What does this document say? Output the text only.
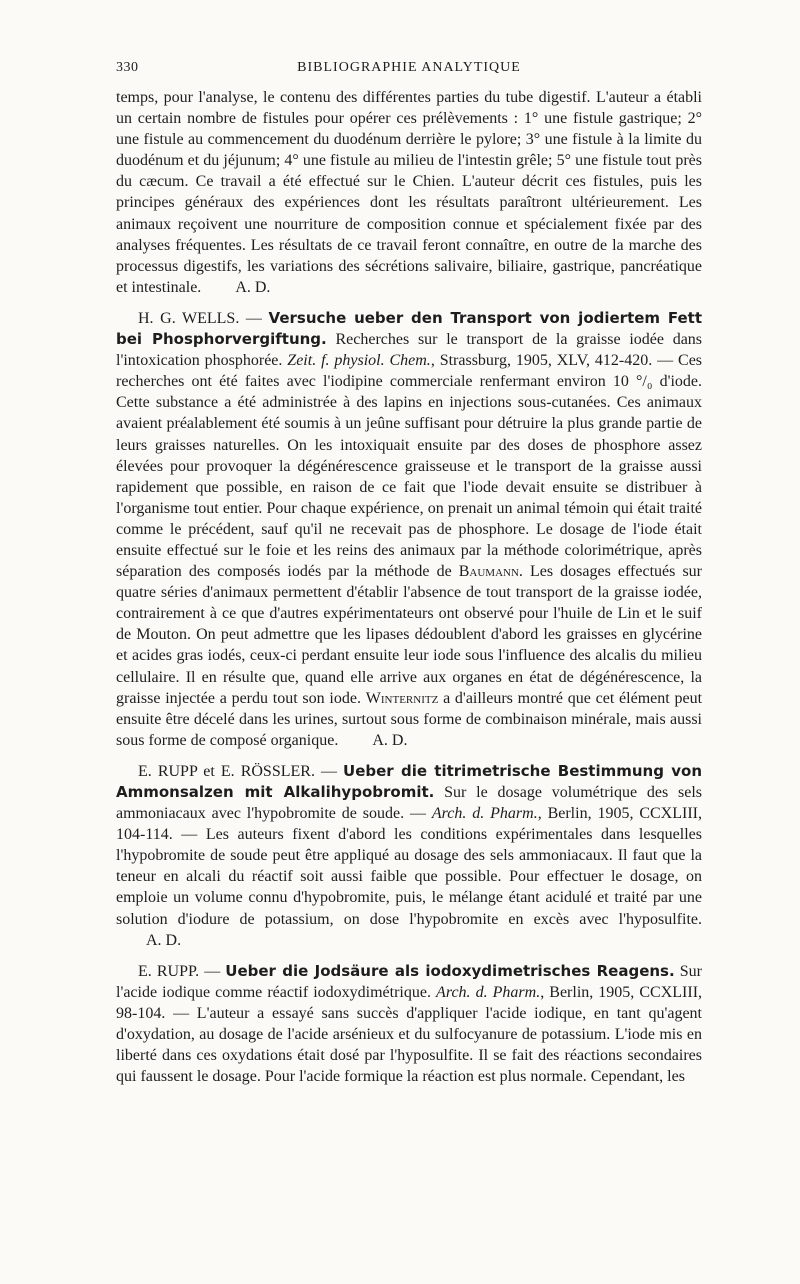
330	BIBLIOGRAPHIE ANALYTIQUE

temps, pour l'analyse, le contenu des différentes parties du tube digestif. L'auteur a établi un certain nombre de fistules pour opérer ces prélèvements : 1° une fistule gastrique; 2° une fistule au commencement du duodénum derrière le pylore; 3° une fistule à la limite du duodénum et du jéjunum; 4° une fistule au milieu de l'intestin grêle; 5° une fistule tout près du cæcum. Ce travail a été effectué sur le Chien. L'auteur décrit ces fistules, puis les principes généraux des expériences dont les résultats paraîtront ultérieurement. Les animaux reçoivent une nourriture de composition connue et spécialement fixée par des analyses fréquentes. Les résultats de ce travail feront connaître, en outre de la marche des processus digestifs, les variations des sécrétions salivaire, biliaire, gastrique, pancréatique et intestinale. A. D.

H. G. WELLS. — Versuche ueber den Transport von jodiertem Fett bei Phosphorvergiftung. Recherches sur le transport de la graisse iodée dans l'intoxication phosphorée. Zeit. f. physiol. Chem., Strassburg, 1905, XLV, 412-420. — Ces recherches ont été faites avec l'iodipine commerciale renfermant environ 10 °/₀ d'iode. Cette substance a été administrée à des lapins en injections sous-cutanées. Ces animaux avaient préalablement été soumis à un jeûne suffisant pour détruire la plus grande partie de leurs graisses naturelles. On les intoxiquait ensuite par des doses de phosphore assez élevées pour provoquer la dégénérescence graisseuse et le transport de la graisse aussi rapidement que possible, en raison de ce fait que l'iode devait ensuite se distribuer à l'organisme tout entier. Pour chaque expérience, on prenait un animal témoin qui était traité comme le précédent, sauf qu'il ne recevait pas de phosphore. Le dosage de l'iode était ensuite effectué sur le foie et les reins des animaux par la méthode colorimétrique, après séparation des composés iodés par la méthode de Baumann. Les dosages effectués sur quatre séries d'animaux permettent d'établir l'absence de tout transport de la graisse iodée, contrairement à ce que d'autres expérimentateurs ont observé pour l'huile de Lin et le suif de Mouton. On peut admettre que les lipases dédoublent d'abord les graisses en glycérine et acides gras iodés, ceux-ci perdant ensuite leur iode sous l'influence des alcalis du milieu cellulaire. Il en résulte que, quand elle arrive aux organes en état de dégénérescence, la graisse injectée a perdu tout son iode. Winternitz a d'ailleurs montré que cet élément peut ensuite être décelé dans les urines, surtout sous forme de combinaison minérale, mais aussi sous forme de composé organique. A. D.

E. RUPP et E. RÖSSLER. — Ueber die titrimetrische Bestimmung von Ammonsalzen mit Alkalihypobromit. Sur le dosage volumétrique des sels ammoniacaux avec l'hypobromite de soude. — Arch. d. Pharm., Berlin, 1905, CCXLIII, 104-114. — Les auteurs fixent d'abord les conditions expérimentales dans lesquelles l'hypobromite de soude peut être appliqué au dosage des sels ammoniacaux. Il faut que la teneur en alcali du réactif soit aussi faible que possible. Pour effectuer le dosage, on emploie un volume connu d'hypobromite, puis, le mélange étant acidulé et traité par une solution d'iodure de potassium, on dose l'hypobromite en excès avec l'hyposulfite. A. D.

E. RUPP. — Ueber die Jodsäure als iodoxydimetrisches Reagens. Sur l'acide iodique comme réactif iodoxydimétrique. Arch. d. Pharm., Berlin, 1905, CCXLIII, 98-104. — L'auteur a essayé sans succès d'appliquer l'acide iodique, en tant qu'agent d'oxydation, au dosage de l'acide arsénieux et du sulfocyanure de potassium. L'iode mis en liberté dans ces oxydations était dosé par l'hyposulfite. Il se fait des réactions secondaires qui faussent le dosage. Pour l'acide formique la réaction est plus normale. Cependant, les
